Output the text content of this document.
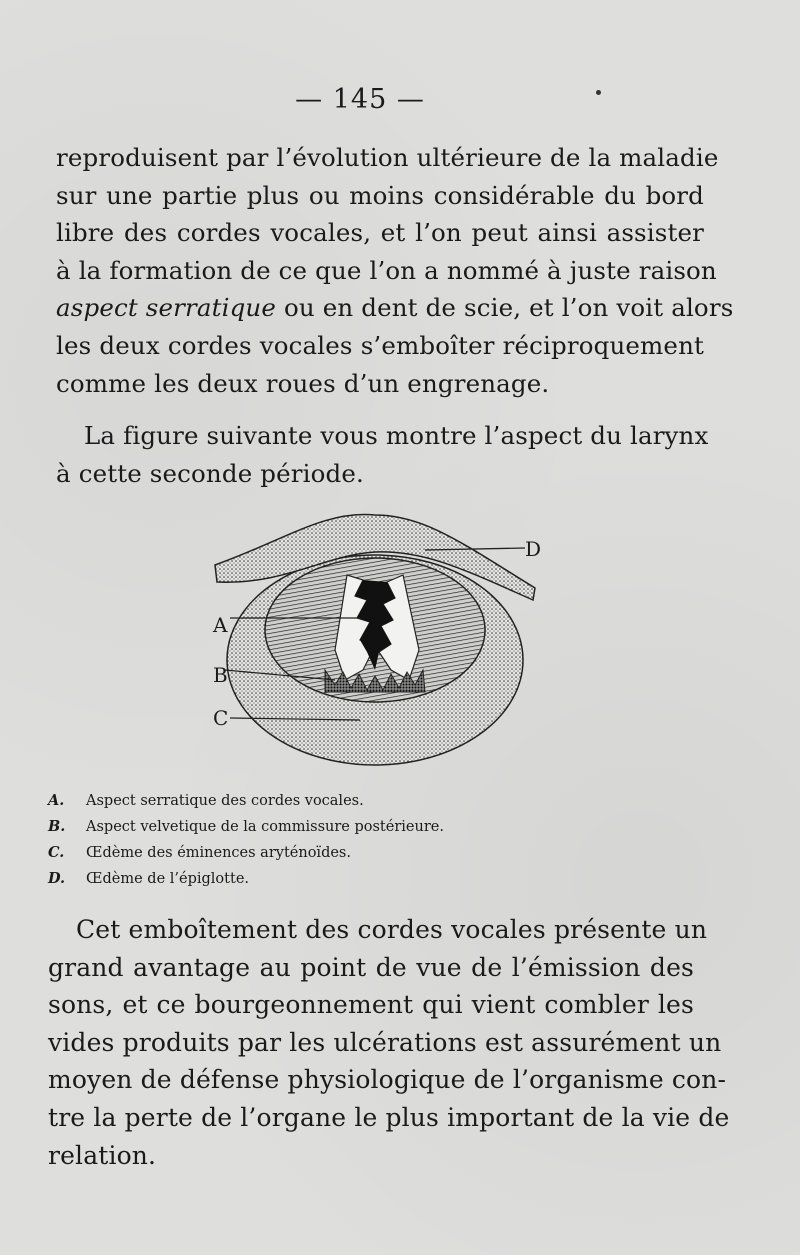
— 145 —
reproduisent par l’évolution ultérieure de la maladie
sur une partie plus ou moins considérable du bord
libre des cordes vocales, et l’on peut ainsi assister
à la formation de ce que l’on a nommé à juste raison
aspect serratique ou en dent de scie, et l’on voit alors
les deux cordes vocales s’emboîter réciproquement
comme les deux roues d’un engrenage.
La figure suivante vous montre l’aspect du larynx
à cette seconde période.
D
A
B
C
A.	Aspect serratique des cordes vocales.
B.	Aspect velvetique de la commissure postérieure.
C.	Œdème des éminences aryténoïdes.
D.	Œdème de l’épiglotte.
Cet emboîtement des cordes vocales présente un
grand avantage au point de vue de l’émission des
sons, et ce bourgeonnement qui vient combler les
vides produits par les ulcérations est assurément un
moyen de défense physiologique de l’organisme con-
tre la perte de l’organe le plus important de la vie de
relation.
